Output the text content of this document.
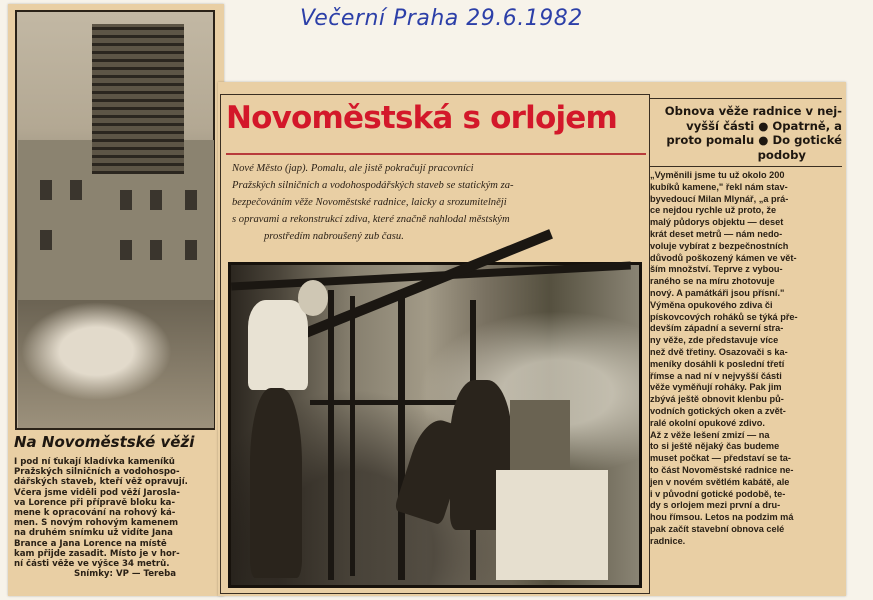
Večerní Praha 29.6.1982
Na Novoměstské věži
I pod ní ťukají kladívka kameníků
Pražských silničních a vodohospo-
dářských staveb, kteří věž opravují.
Včera jsme viděli pod věží Jarosla-
va Lorence při přípravě bloku ka-
mene k opracování na rohový ká-
men. S novým rohovým kamenem
na druhém snímku už vidíte Jana
Brance a Jana Lorence na místě
kam přijde zasadit. Místo je v hor-
ní části věže ve výšce 34 metrů.
Snímky: VP — Tereba
Novoměstská s orlojem
Nové Město (jap). Pomalu, ale jistě pokračují pracovníci
Pražských silničních a vodohospodářských staveb se statickým za-
bezpečováním věže Novoměstské radnice, laicky a srozumitelněji
s opravami a rekonstrukcí zdiva, které značně nahlodal městským
prostředím nabroušený zub času.
Obnova věže radnice v nej-
vyšší části ● Opatrně, a
proto pomalu ● Do gotické
podoby
„Vyměnili jsme tu už okolo 200
kubíků kamene," řekl nám stav-
byvedoucí Milan Mlynář, „a prá-
ce nejdou rychle už proto, že
malý půdorys objektu — deset
krát deset metrů — nám nedo-
voluje vybírat z bezpečnostních
důvodů poškozený kámen ve vět-
ším množství. Teprve z vybou-
raného se na míru zhotovuje
nový. A památkáři jsou přísní."
Výměna opukového zdiva či
pískovcových roháků se týká pře-
devším západní a severní stra-
ny věže, zde představuje více
než dvě třetiny. Osazovači s ka-
meníky dosáhli k poslední třetí
římse a nad ní v nejvyšší části
věže vyměňují roháky. Pak jim
zbývá ještě obnovit klenbu pů-
vodních gotických oken a zvět-
ralé okolní opukové zdivo.
Až z věže lešení zmizí — na
to si ještě nějaký čas budeme
muset počkat — představí se ta-
to část Novoměstské radnice ne-
jen v novém světlém kabátě, ale
i v původní gotické podobě, te-
dy s orlojem mezi první a dru-
hou římsou. Letos na podzim má
pak začít stavební obnova celé
radnice.
